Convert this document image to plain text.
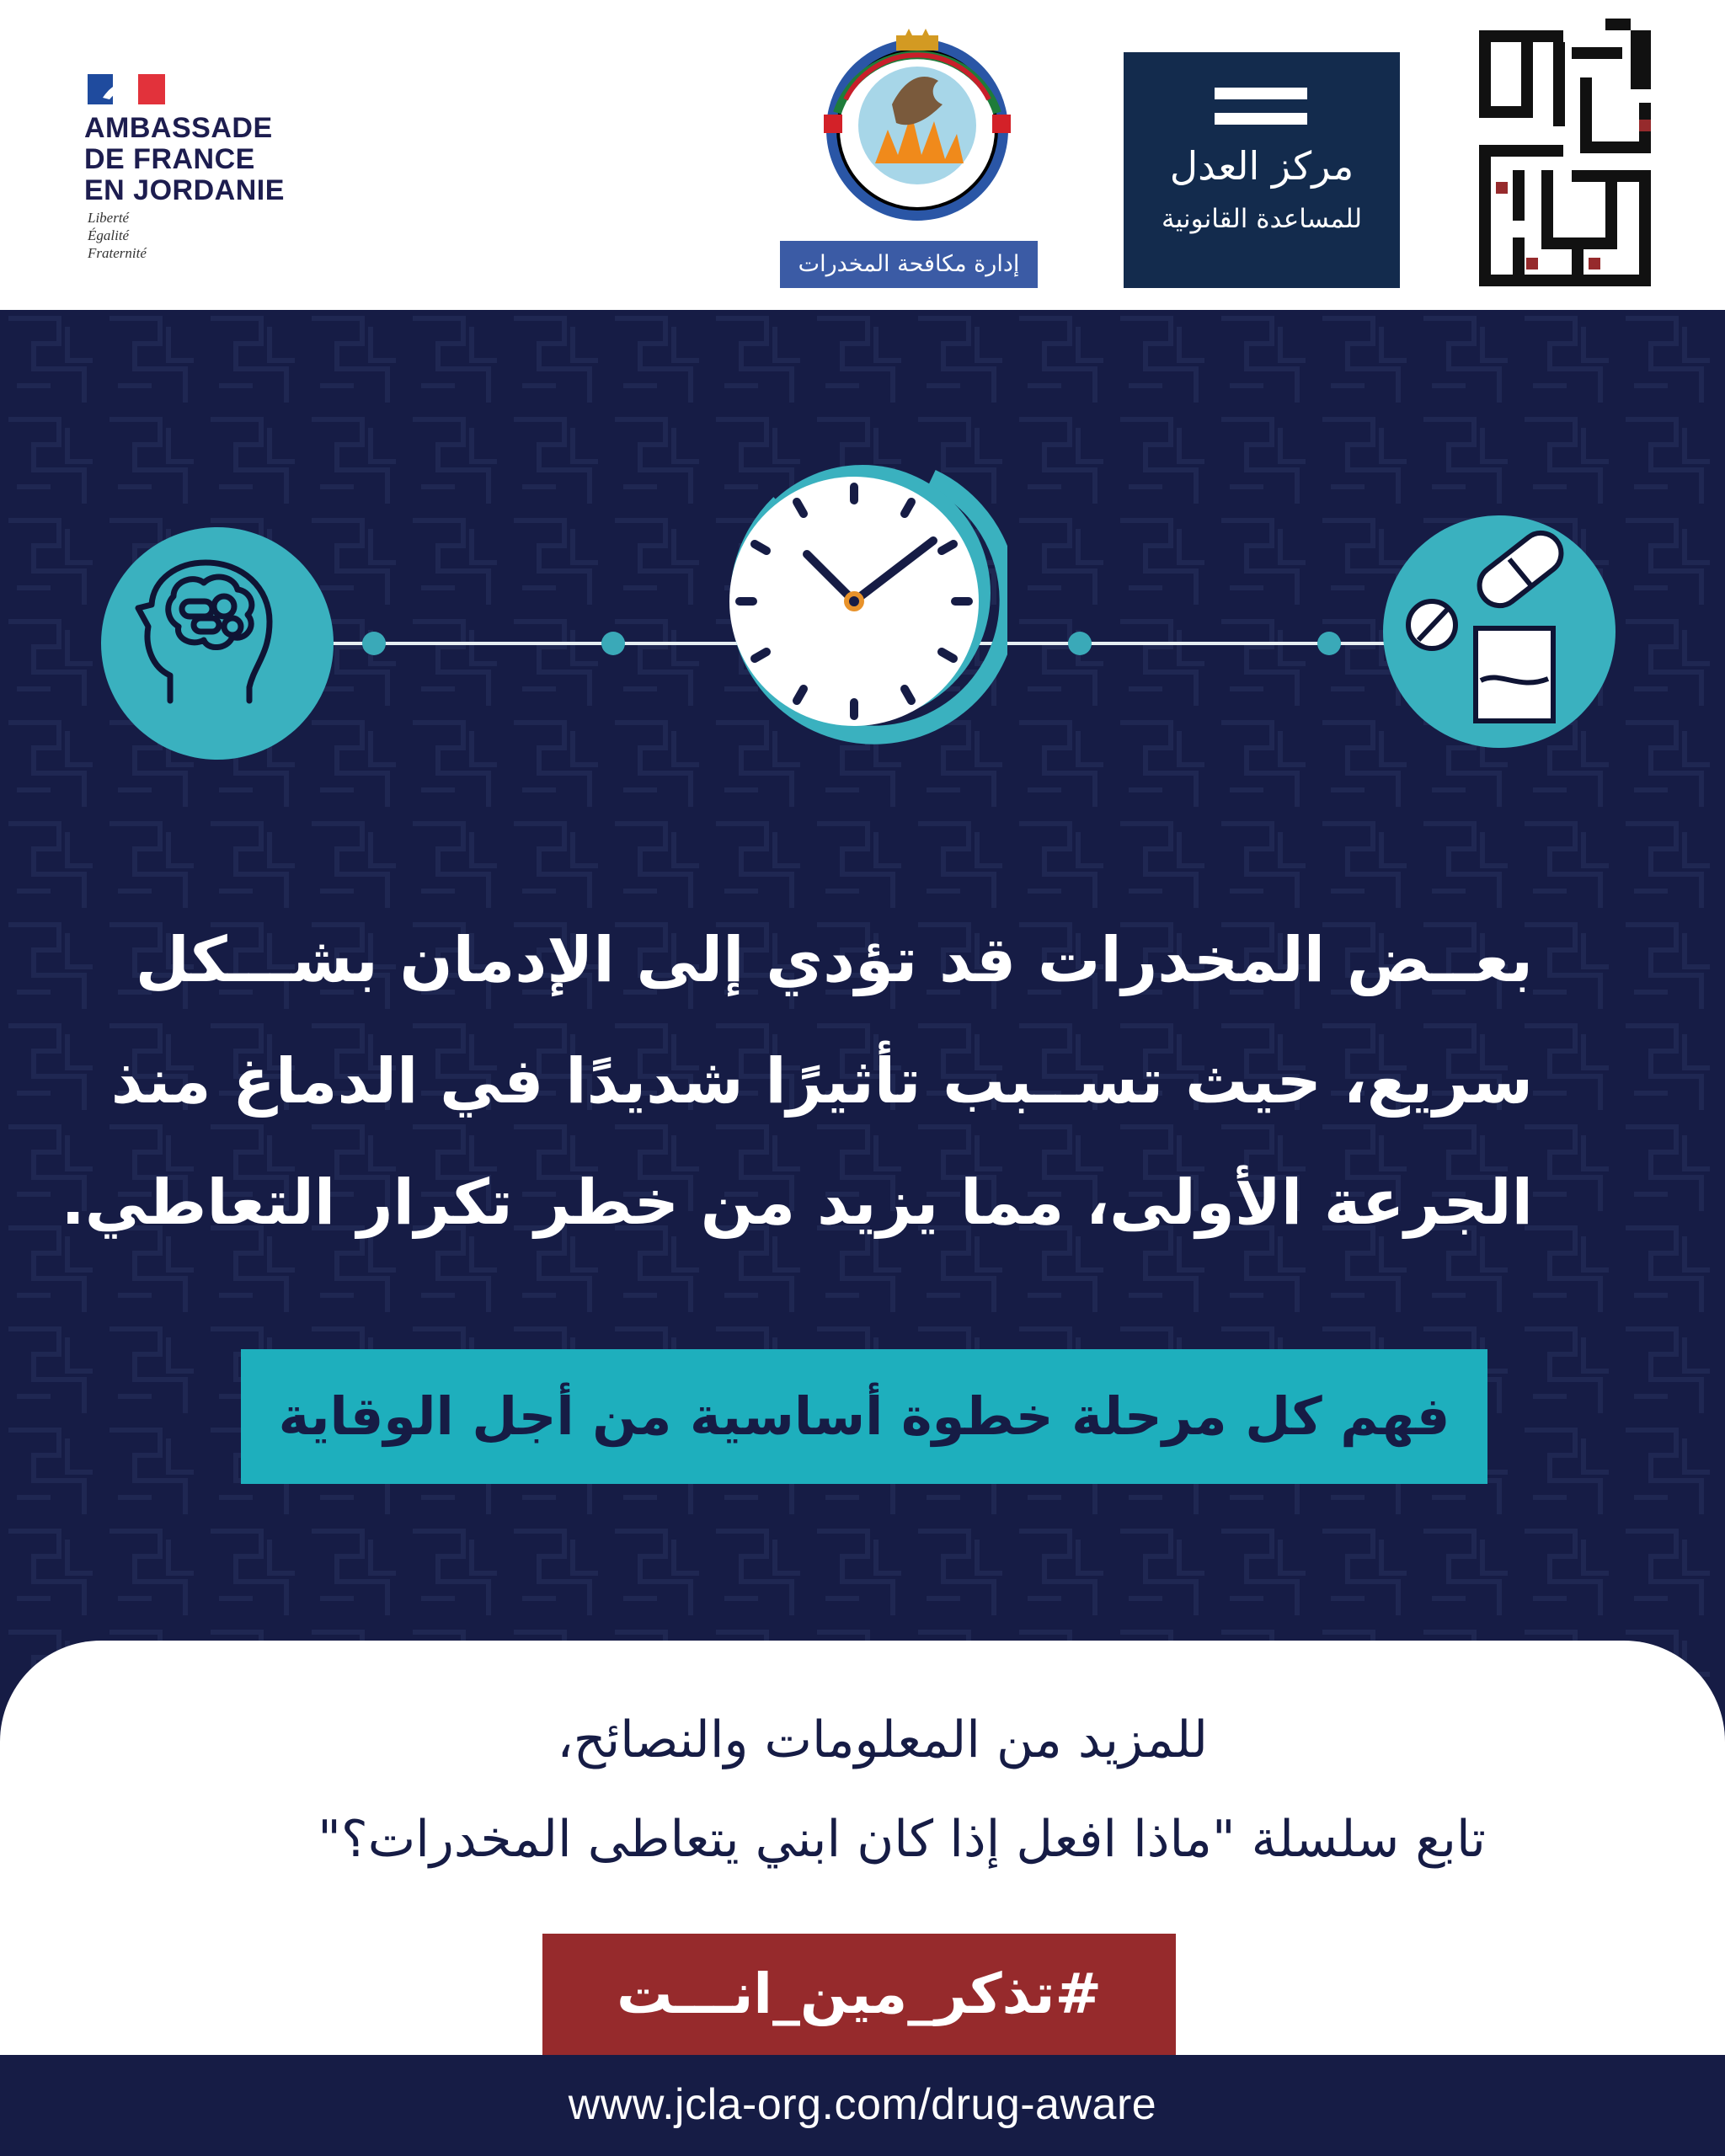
AMBASSADE
DE FRANCE
EN JORDANIE
Liberté
Égalité
Fraternité	إدارة مكافحة المخدرات
مركز العدل
للمساعدة القانونية
بعــض المخدرات قد تؤدي إلى الإدمان بشـــكل
سريع، حيث تســبب تأثيرًا شديدًا في الدماغ منذ
الجرعة الأولى، مما يزيد من خطر تكرار التعاطي.
فهم كل مرحلة خطوة أساسية من أجل الوقاية
للمزيد من المعلومات والنصائح،
تابع سلسلة "ماذا افعل إذا كان ابني يتعاطى المخدرات؟"
#تذكر_مين_انـــت
www.jcla-org.com/drug-aware
